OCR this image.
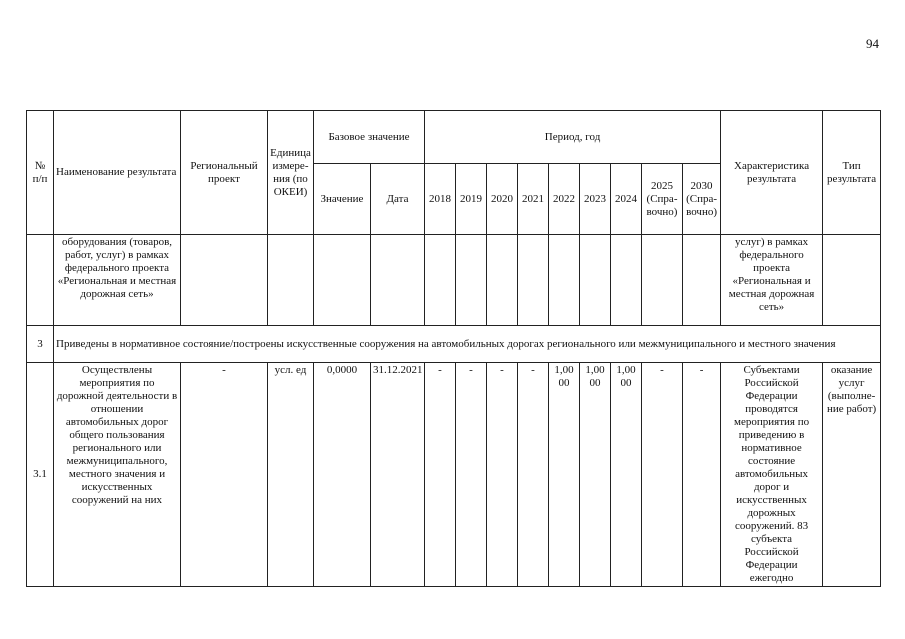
94
№ п/п	Наименование результата	Региональный проект	Единица измере-ния (по ОКЕИ)	Базовое значение		Период, год									Характеристика результата	Тип результата
				Значение	Дата	2018	2019	2020	2021	2022	2023	2024	2025 (Спра-вочно)	2030 (Спра-вочно)		
	оборудования (товаров, работ, услуг) в рамках федерального проекта «Региональная и местная дорожная сеть»														услуг) в рамках федерального проекта «Региональная и местная дорожная сеть»	
3	Приведены в нормативное состояние/построены искусственные сооружения на автомобильных дорогах регионального или межмуниципального и местного значения															
3.1	Осуществлены мероприятия по дорожной деятельности в отношении автомобильных дорог общего пользования регионального или межмуниципального, местного значения и искусственных сооружений на них	-	усл. ед	0,0000	31.12.2021	-	-	-	-	1,00 00	1,00 00	1,00 00	-	-	Субъектами Российской Федерации проводятся мероприятия по приведению в нормативное состояние автомобильных дорог и искусственных дорожных сооружений. 83 субъекта Российской Федерации ежегодно	оказание услуг (выполне-ние работ)
